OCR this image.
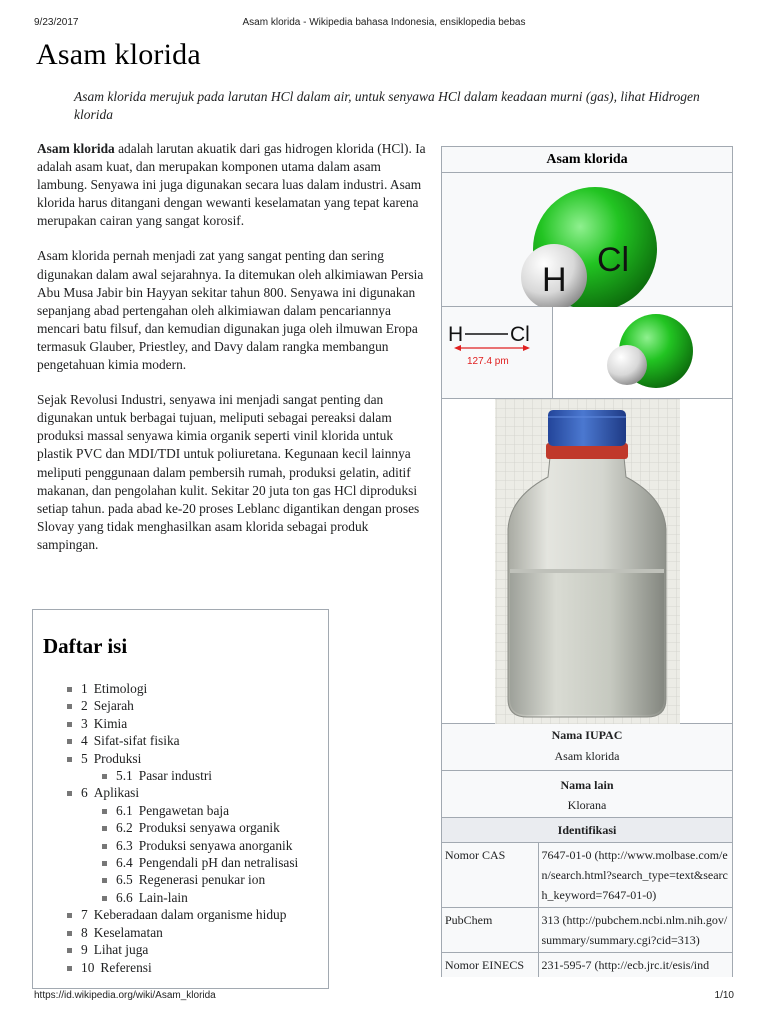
9/23/2017	Asam klorida - Wikipedia bahasa Indonesia, ensiklopedia bebas
Asam klorida
Asam klorida merujuk pada larutan HCl dalam air, untuk senyawa HCl dalam keadaan murni (gas), lihat Hidrogen klorida

Asam klorida adalah larutan akuatik dari gas hidrogen klorida (HCl). Ia adalah asam kuat, dan merupakan komponen utama dalam asam lambung. Senyawa ini juga digunakan secara luas dalam industri. Asam klorida harus ditangani dengan wewanti keselamatan yang tepat karena merupakan cairan yang sangat korosif.

Asam klorida pernah menjadi zat yang sangat penting dan sering digunakan dalam awal sejarahnya. Ia ditemukan oleh alkimiawan Persia Abu Musa Jabir bin Hayyan sekitar tahun 800. Senyawa ini digunakan sepanjang abad pertengahan oleh alkimiawan dalam pencariannya mencari batu filsuf, dan kemudian digunakan juga oleh ilmuwan Eropa termasuk Glauber, Priestley, and Davy dalam rangka membangun pengetahuan kimia modern.

Sejak Revolusi Industri, senyawa ini menjadi sangat penting dan digunakan untuk berbagai tujuan, meliputi sebagai pereaksi dalam produksi massal senyawa kimia organik seperti vinil klorida untuk plastik PVC dan MDI/TDI untuk poliuretana. Kegunaan kecil lainnya meliputi penggunaan dalam pembersih rumah, produksi gelatin, aditif makanan, dan pengolahan kulit. Sekitar 20 juta ton gas HCl diproduksi setiap tahun. pada abad ke-20 proses Leblanc digantikan dengan proses Slovay yang tidak menghasilkan asam klorida sebagai produk sampingan.

Daftar isi
1 Etimologi
2 Sejarah
3 Kimia
4 Sifat-sifat fisika
5 Produksi
5.1 Pasar industri
6 Aplikasi
6.1 Pengawetan baja
6.2 Produksi senyawa organik
6.3 Produksi senyawa anorganik
6.4 Pengendali pH dan netralisasi
6.5 Regenerasi penukar ion
6.6 Lain-lain
7 Keberadaan dalam organisme hidup
8 Keselamatan
9 Lihat juga
10 Referensi
Asam klorida
Cl
H
H Cl
127.4 pm
Nama IUPAC
Asam klorida
Nama lain
Klorana
Identifikasi
Nomor CAS	7647-01-0 (http://www.molbase.com/en/search.html?search_type=text&search_keyword=7647-01-0)
PubChem	313 (http://pubchem.ncbi.nlm.nih.gov/summary/summary.cgi?cid=313)
Nomor EINECS	231-595-7 (http://ecb.jrc.it/esis/ind
https://id.wikipedia.org/wiki/Asam_klorida	1/10
